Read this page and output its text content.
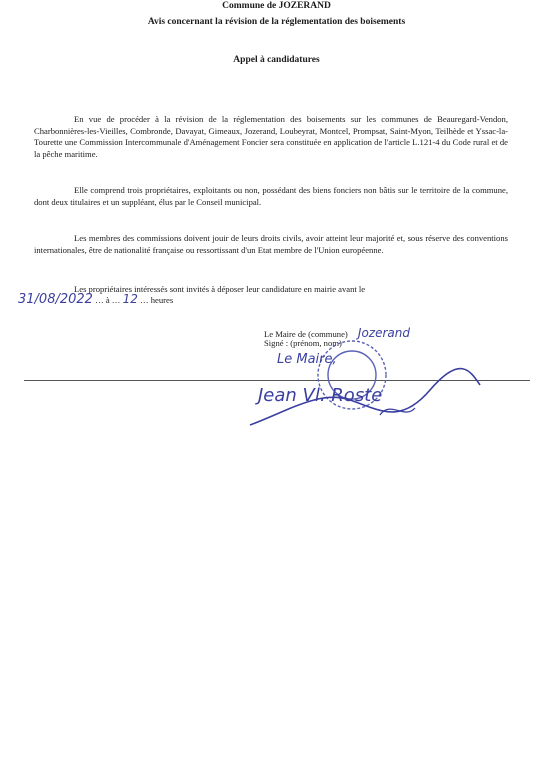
Commune de JOZERAND
Avis concernant la révision de la réglementation des boisements
Appel à candidatures
En vue de procéder à la révision de la réglementation des boisements sur les communes de Beauregard-Vendon, Charbonnières-les-Vieilles, Combronde, Davayat, Gimeaux, Jozerand, Loubeyrat, Montcel, Prompsat, Saint-Myon, Teilhède et Yssac-la-Tourette une Commission Intercommunale d'Aménagement Foncier sera constituée en application de l'article L.121-4 du Code rural et de la pêche maritime.
Elle comprend trois propriétaires, exploitants ou non, possédant des biens fonciers non bâtis sur le territoire de la commune, dont deux titulaires et un suppléant, élus par le Conseil municipal.
Les membres des commissions doivent jouir de leurs droits civils, avoir atteint leur majorité et, sous réserve des conventions internationales, être de nationalité française ou ressortissant d'un Etat membre de l'Union européenne.
Les propriétaires intéressés sont invités à déposer leur candidature en mairie avant le
31/08/2022 … à … 12 … heures
Le Maire de (commune) Jozerand
Signé : (prénom, nom)
Le Maire,
Jean Vl. Roste
